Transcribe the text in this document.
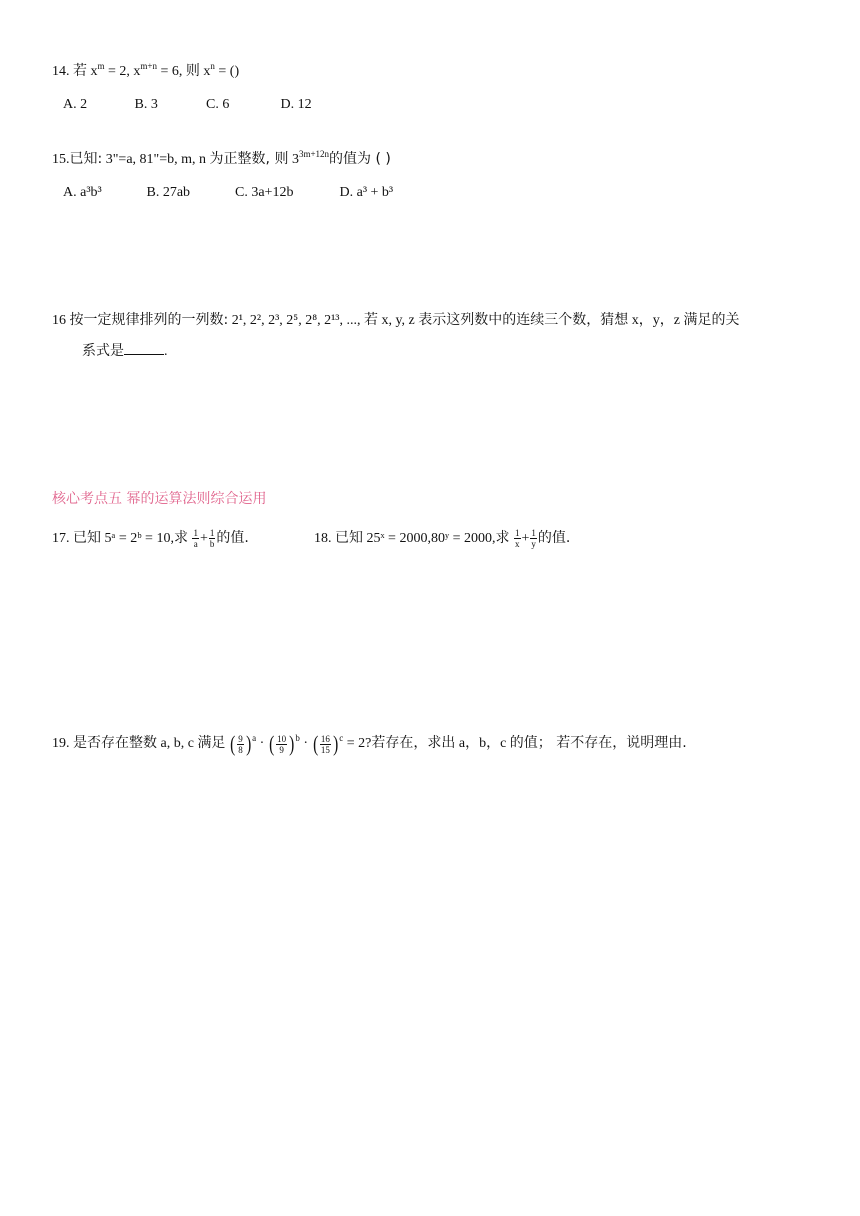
14. 若 $x^m = 2$, $x^{m+n} = 6$, 则 $x^n$ = ()
A. 2	B. 3	C. 6	D. 12
15.已知: 3"=a, 81"=b, m, n 为正整数, 则 $3^{3m+12n}$的值为 ( )
A. a³b³	B. 27ab	C. 3a+12b	D. a³ + b³
16 按一定规律排列的一列数: 2¹, 2², 2³, 2⁵, 2⁸, 2¹³, ..., 若 x, y, z 表示这列数中的连续三个数，猜想 x，y，z 满足的关
系式是	.
核心考点五 幂的运算法则综合运用
17. 已知 5ᵃ = 2ᵇ = 10,求 $\frac{1}{a} + \frac{1}{b}$ 的值.	18. 已知 25ˣ = 2000,80ʸ = 2000,求 $\frac{1}{x} + \frac{1}{y}$ 的值.
19. 是否存在整数 a, b, c 满足 ( $\frac{9}{8} )^a$ · ( $\frac{10}{9} )^b$ · ( $\frac{16}{15} )^c = 2$?若存在，求出 a，b，c 的值； 若不存在，说明理由.
